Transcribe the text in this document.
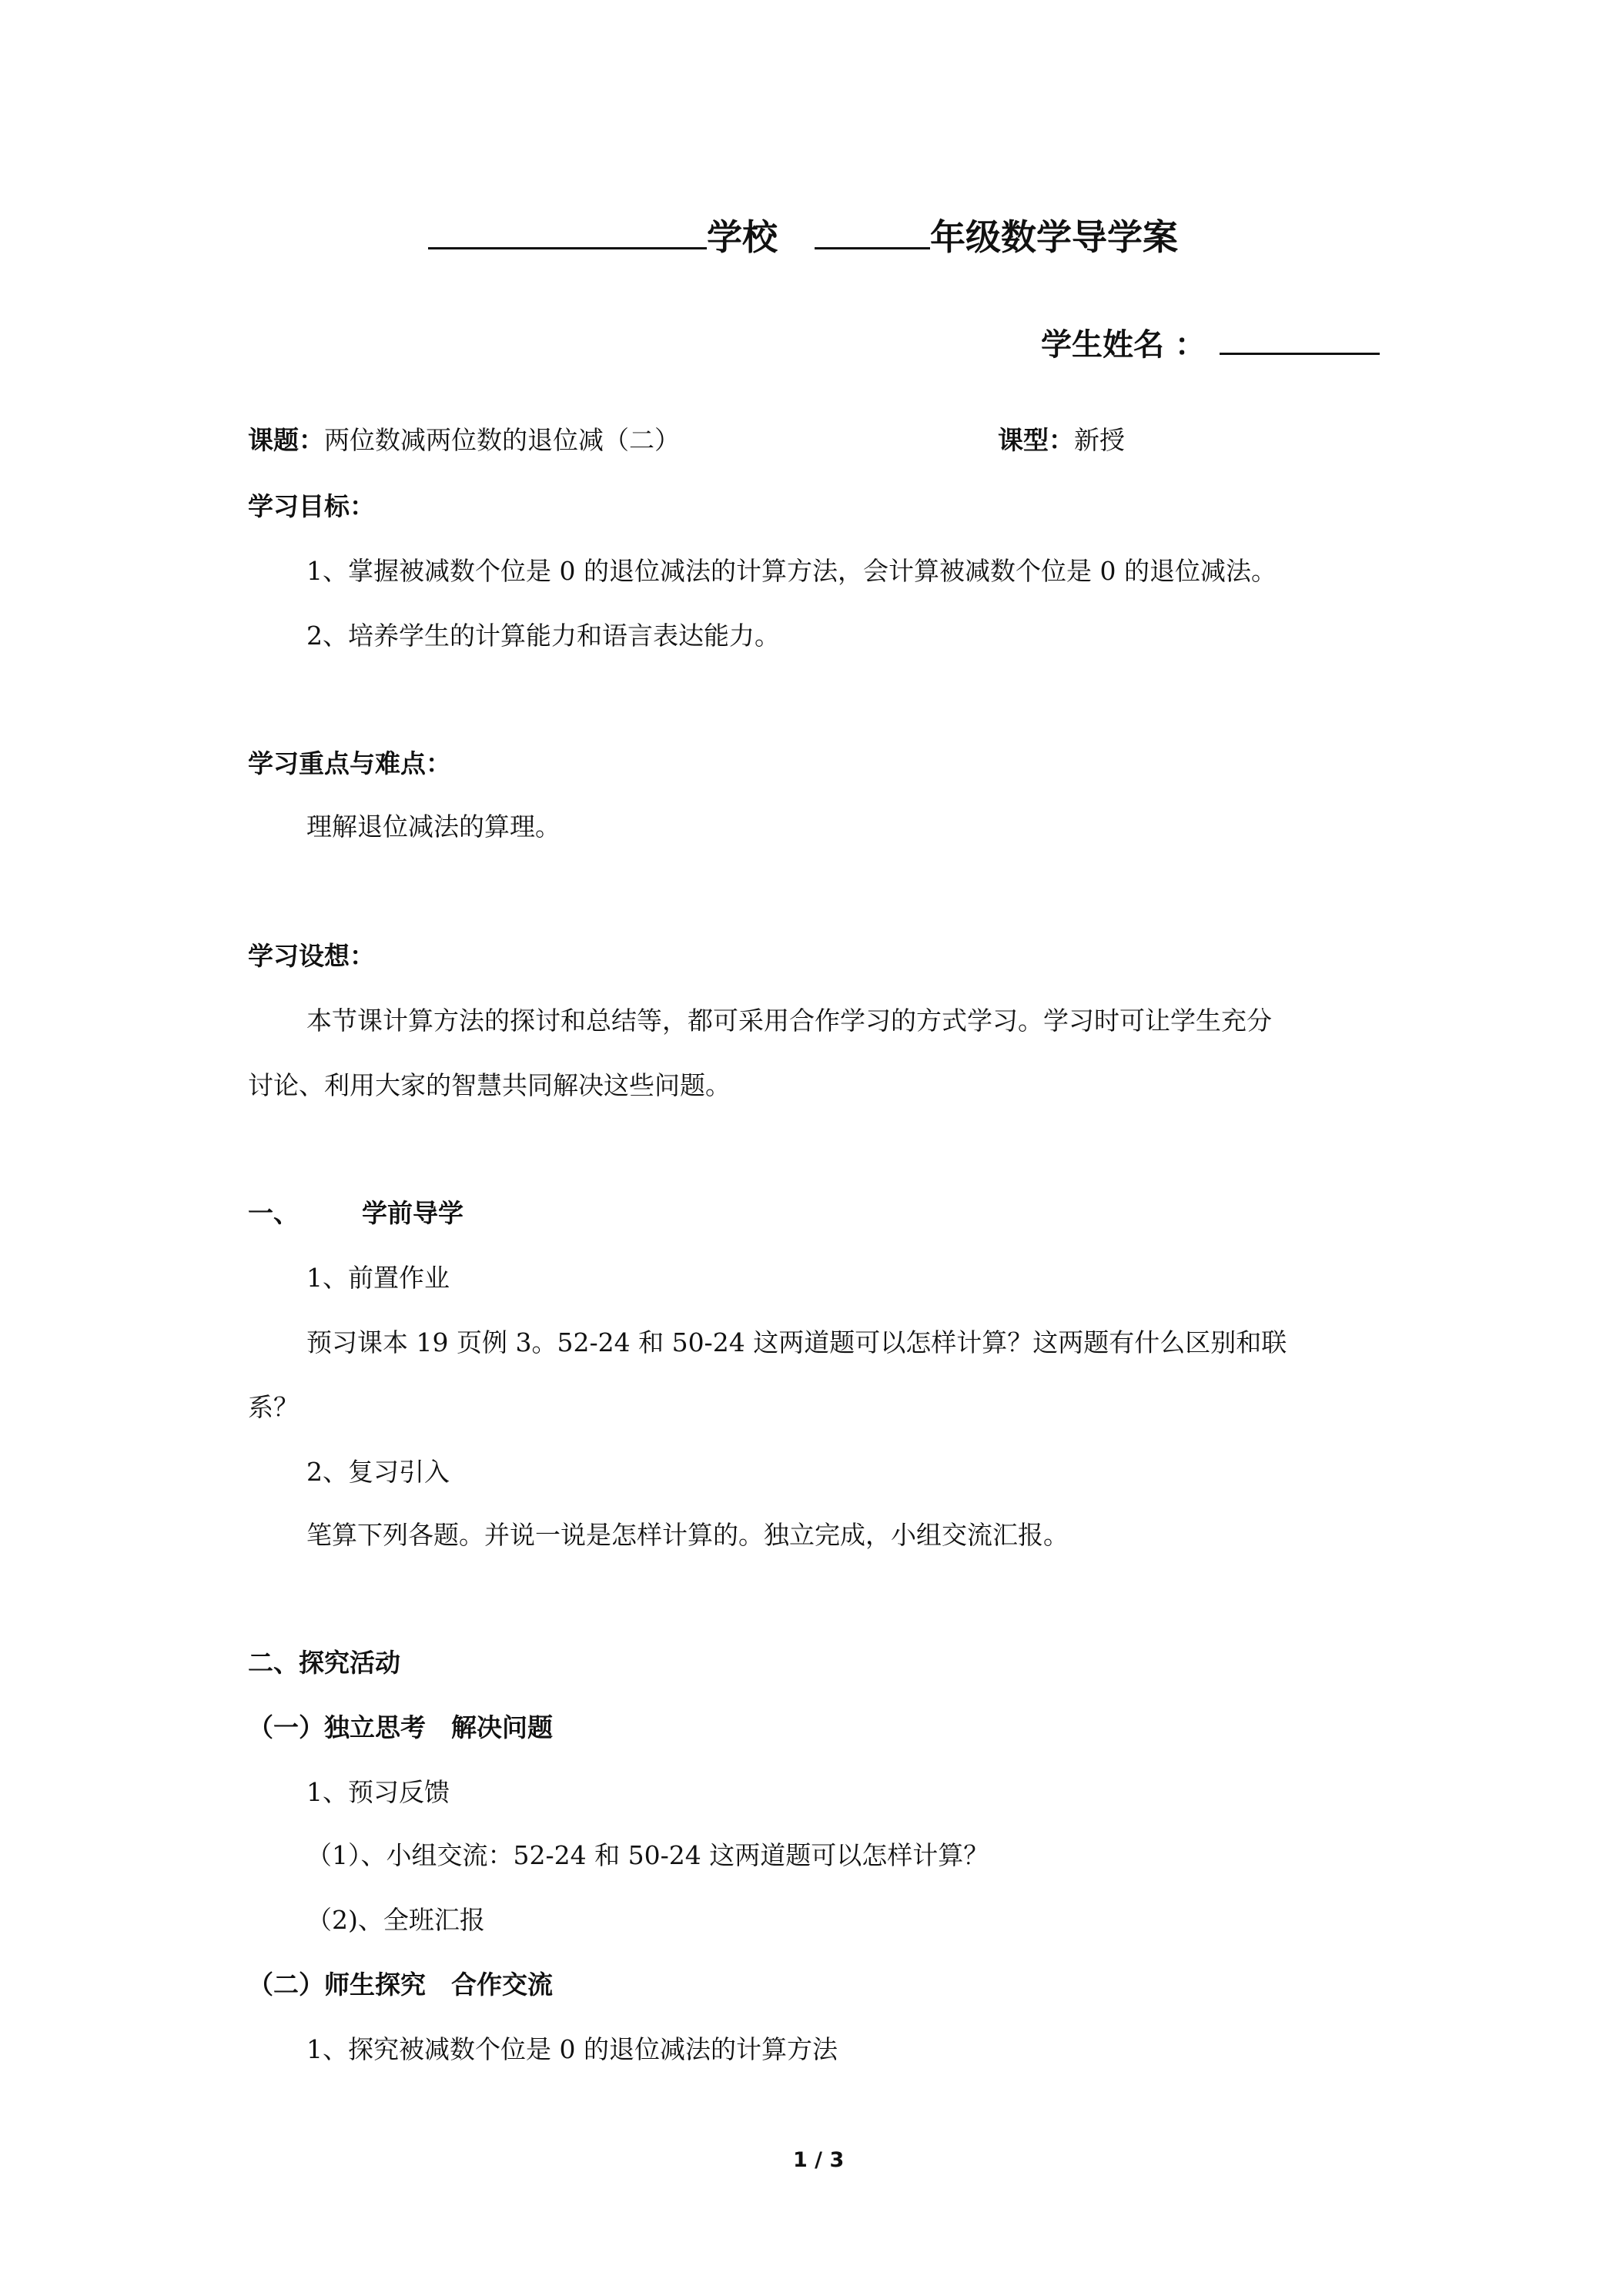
学校	年级数学导学案
学生姓名 ：
课题：两位数减两位数的退位减（二）	课型：新授
学习目标：
1、掌握被减数个位是 0 的退位减法的计算方法，会计算被减数个位是 0 的退位减法。
2、培养学生的计算能力和语言表达能力。
学习重点与难点：
理解退位减法的算理。
学习设想：
本节课计算方法的探讨和总结等，都可采用合作学习的方式学习。学习时可让学生充分
讨论、利用大家的智慧共同解决这些问题。
一、 学前导学
1、前置作业
预习课本 19 页例 3。52-24 和 50-24 这两道题可以怎样计算？这两题有什么区别和联
系？
2、复习引入
笔算下列各题。并说一说是怎样计算的。独立完成，小组交流汇报。
二、探究活动
（一）独立思考　解决问题
1、预习反馈
（1）、小组交流：52-24 和 50-24 这两道题可以怎样计算？
（2)、全班汇报
（二）师生探究　合作交流
1、探究被减数个位是 0 的退位减法的计算方法
1 / 3
